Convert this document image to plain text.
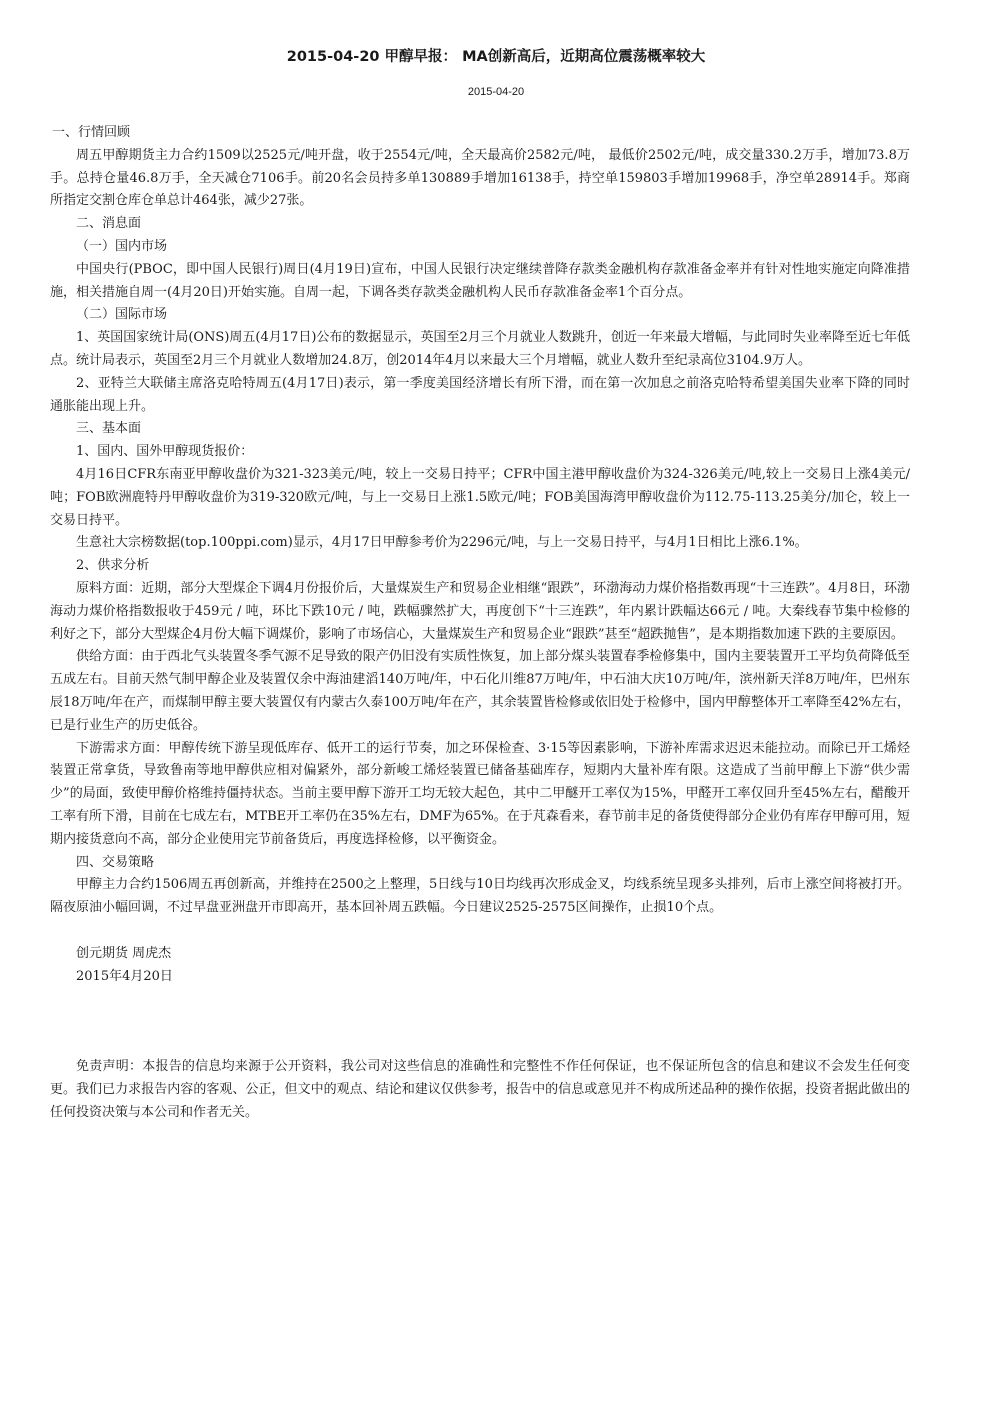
2015-04-20 甲醇早报： MA创新高后，近期高位震荡概率较大
2015-04-20

一、行情回顾

周五甲醇期货主力合约1509以2525元/吨开盘，收于2554元/吨，全天最高价2582元/吨， 最低价2502元/吨，成交量330.2万手，增加73.8万手。总持仓量46.8万手，全天减仓7106手。前20名会员持多单130889手增加16138手，持空单159803手增加19968手，净空单28914手。郑商所指定交割仓库仓单总计464张，减少27张。

二、消息面

（一）国内市场

中国央行(PBOC，即中国人民银行)周日(4月19日)宣布，中国人民银行决定继续普降存款类金融机构存款准备金率并有针对性地实施定向降准措施，相关措施自周一(4月20日)开始实施。自周一起，下调各类存款类金融机构人民币存款准备金率1个百分点。

（二）国际市场

1、英国国家统计局(ONS)周五(4月17日)公布的数据显示，英国至2月三个月就业人数跳升，创近一年来最大增幅，与此同时失业率降至近七年低点。统计局表示，英国至2月三个月就业人数增加24.8万，创2014年4月以来最大三个月增幅，就业人数升至纪录高位3104.9万人。

2、亚特兰大联储主席洛克哈特周五(4月17日)表示，第一季度美国经济增长有所下滑，而在第一次加息之前洛克哈特希望美国失业率下降的同时通胀能出现上升。

三、基本面

1、国内、国外甲醇现货报价：

4月16日CFR东南亚甲醇收盘价为321-323美元/吨，较上一交易日持平；CFR中国主港甲醇收盘价为324-326美元/吨,较上一交易日上涨4美元/吨；FOB欧洲鹿特丹甲醇收盘价为319-320欧元/吨，与上一交易日上涨1.5欧元/吨；FOB美国海湾甲醇收盘价为112.75-113.25美分/加仑，较上一交易日持平。

生意社大宗榜数据(top.100ppi.com)显示，4月17日甲醇参考价为2296元/吨，与上一交易日持平，与4月1日相比上涨6.1%。

2、供求分析

原料方面：近期，部分大型煤企下调4月份报价后，大量煤炭生产和贸易企业相继“跟跌”，环渤海动力煤价格指数再现“十三连跌”。4月8日，环渤海动力煤价格指数报收于459元 / 吨，环比下跌10元 / 吨，跌幅骤然扩大，再度创下“十三连跌”，年内累计跌幅达66元 / 吨。大秦线春节集中检修的利好之下，部分大型煤企4月份大幅下调煤价，影响了市场信心，大量煤炭生产和贸易企业“跟跌”甚至“超跌抛售”，是本期指数加速下跌的主要原因。

供给方面：由于西北气头装置冬季气源不足导致的限产仍旧没有实质性恢复，加上部分煤头装置春季检修集中，国内主要装置开工平均负荷降低至五成左右。目前天然气制甲醇企业及装置仅余中海油建滔140万吨/年，中石化川维87万吨/年，中石油大庆10万吨/年，滨州新天洋8万吨/年，巴州东辰18万吨/年在产，而煤制甲醇主要大装置仅有内蒙古久泰100万吨/年在产，其余装置皆检修或依旧处于检修中，国内甲醇整体开工率降至42%左右，已是行业生产的历史低谷。

下游需求方面：甲醇传统下游呈现低库存、低开工的运行节奏，加之环保检查、3·15等因素影响，下游补库需求迟迟未能拉动。而除已开工烯烃装置正常拿货，导致鲁南等地甲醇供应相对偏紧外，部分新峻工烯烃装置已储备基础库存，短期内大量补库有限。这造成了当前甲醇上下游“供少需少”的局面，致使甲醇价格维持僵持状态。当前主要甲醇下游开工均无较大起色，其中二甲醚开工率仅为15%，甲醛开工率仅回升至45%左右，醋酸开工率有所下滑，目前在七成左右，MTBE开工率仍在35%左右，DMF为65%。在于芃森看来，春节前丰足的备货使得部分企业仍有库存甲醇可用，短期内接货意向不高，部分企业使用完节前备货后，再度选择检修，以平衡资金。

四、交易策略

甲醇主力合约1506周五再创新高，并维持在2500之上整理，5日线与10日均线再次形成金叉，均线系统呈现多头排列，后市上涨空间将被打开。隔夜原油小幅回调，不过早盘亚洲盘开市即高开，基本回补周五跌幅。今日建议2525-2575区间操作，止损10个点。

创元期货 周虎杰

2015年4月20日

免责声明：本报告的信息均来源于公开资料，我公司对这些信息的准确性和完整性不作任何保证，也不保证所包含的信息和建议不会发生任何变更。我们已力求报告内容的客观、公正，但文中的观点、结论和建议仅供参考，报告中的信息或意见并不构成所述品种的操作依据，投资者据此做出的任何投资决策与本公司和作者无关。
